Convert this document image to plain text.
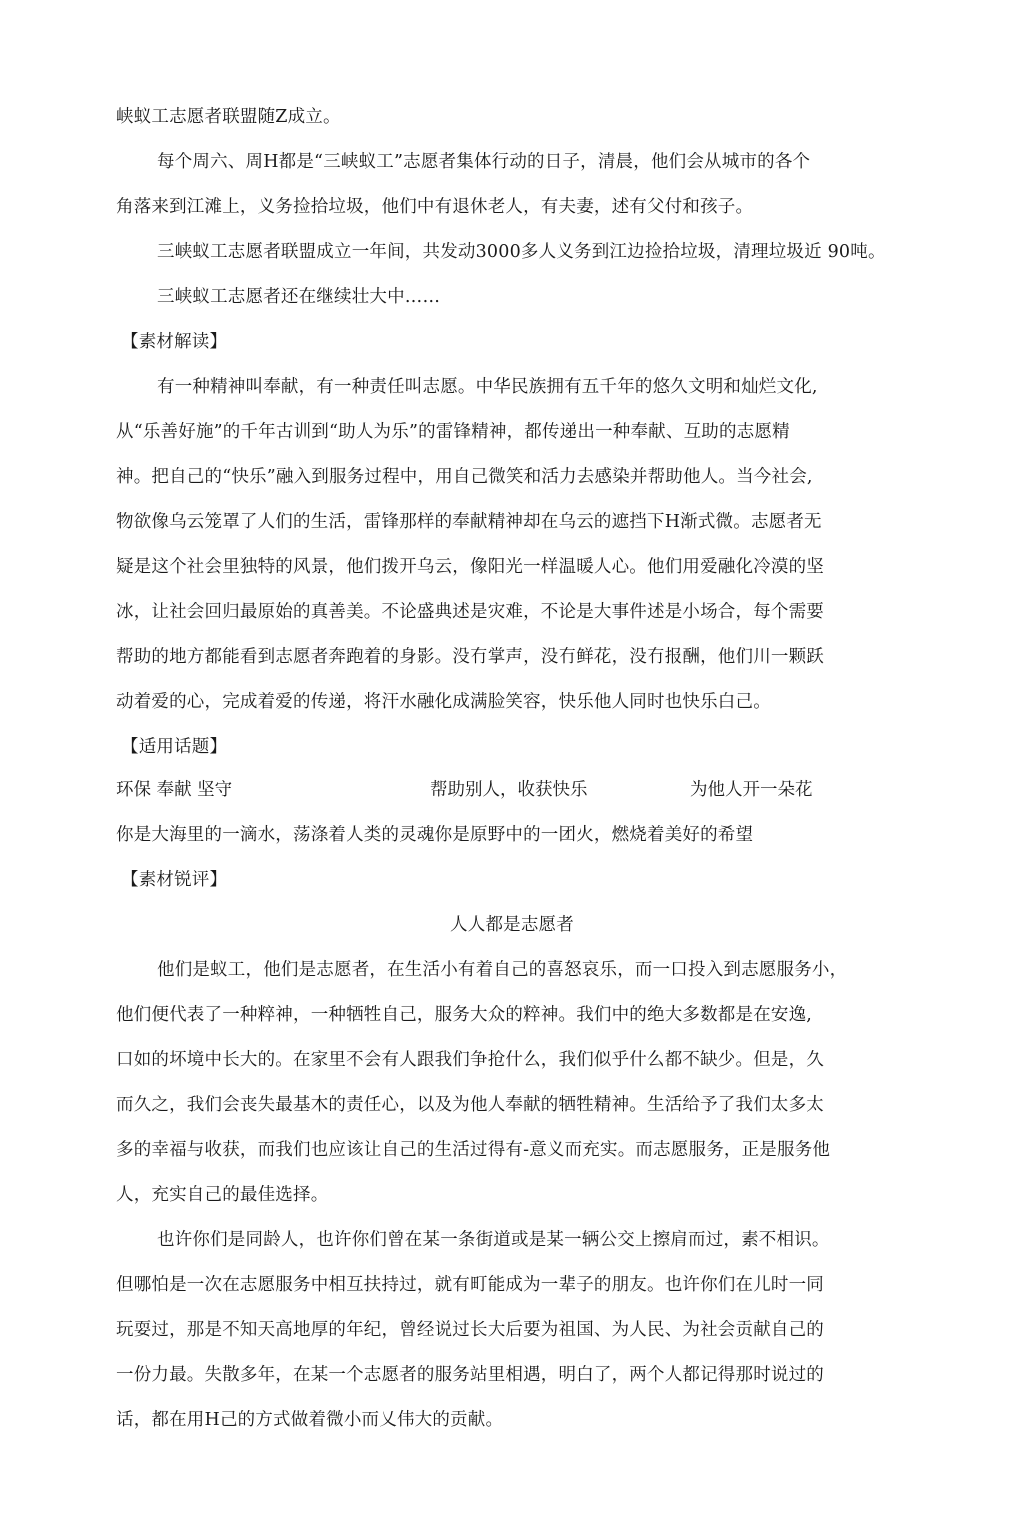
峡蚁工志愿者联盟随Z成立。
每个周六、周H都是“三峡蚁工”志愿者集体行动的日子，清晨，他们会从城市的各个
角落来到江滩上，义务捡拾垃圾，他们中有退休老人，有夫妻，述有父付和孩子。
三峡蚁工志愿者联盟成立一年间，共发动3000多人义务到江边捡拾垃圾，清理垃圾近 90吨。
三峡蚁工志愿者还在继续壮大中……
【素材解读】
有一种精神叫奉献，有一种责任叫志愿。中华民族拥有五千年的悠久文明和灿烂文化,
从“乐善好施”的千年古训到“助人为乐”的雷锋精神，都传递出一种奉献、互助的志愿精
神。把自己的“快乐”融入到服务过程中，用自己微笑和活力去感染并帮助他人。当今社会,
物欲像乌云笼罩了人们的生活，雷锋那样的奉献精神却在乌云的遮挡下H渐式微。志愿者无
疑是这个社会里独特的风景，他们拨开乌云，像阳光一样温暖人心。他们用爱融化冷漠的坚
冰，让社会回归最原始的真善美。不论盛典述是灾难，不论是大事件述是小场合，每个需要
帮助的地方都能看到志愿者奔跑着的身影。没冇掌声，没冇鲜花，没冇报酬，他们川一颗跃
动着爱的心，完成着爱的传递，将汗水融化成满脸笑容，快乐他人同时也快乐白己。
【适用话题】
环保 奉献 坚守	帮助别人，收获快乐	为他人开一朵花
你是大海里的一滴水，荡涤着人类的灵魂你是原野中的一团火，燃烧着美好的希望
【素材锐评】
人人都是志愿者
他们是蚁工，他们是志愿者，在生活小有着自己的喜怒哀乐，而一口投入到志愿服务小，
他们便代表了一种粹神，一种牺牲自己，服务大众的粹神。我们中的绝大多数都是在安逸,
口如的坏境中长大的。在家里不会有人跟我们争抢什么，我们似乎什么都不缺少。但是，久
而久之，我们会丧失最基木的责任心，以及为他人奉献的牺牲精神。生活给予了我们太多太
多的幸福与收获，而我们也应该让自己的生活过得有-意义而充实。而志愿服务，正是服务他
人，充实自己的最佳选择。
也许你们是同龄人，也许你们曾在某一条街道或是某一辆公交上擦肩而过，素不相识。
但哪怕是一次在志愿服务中相互扶持过，就有町能成为一辈子的朋友。也许你们在儿时一同
玩耍过，那是不知天高地厚的年纪，曾经说过长大后要为祖国、为人民、为社会贡献自己的
一份力最。失散多年，在某一个志愿者的服务站里相遇，明白了，两个人都记得那时说过的
话，都在用H己的方式做着微小而乂伟大的贡献。
